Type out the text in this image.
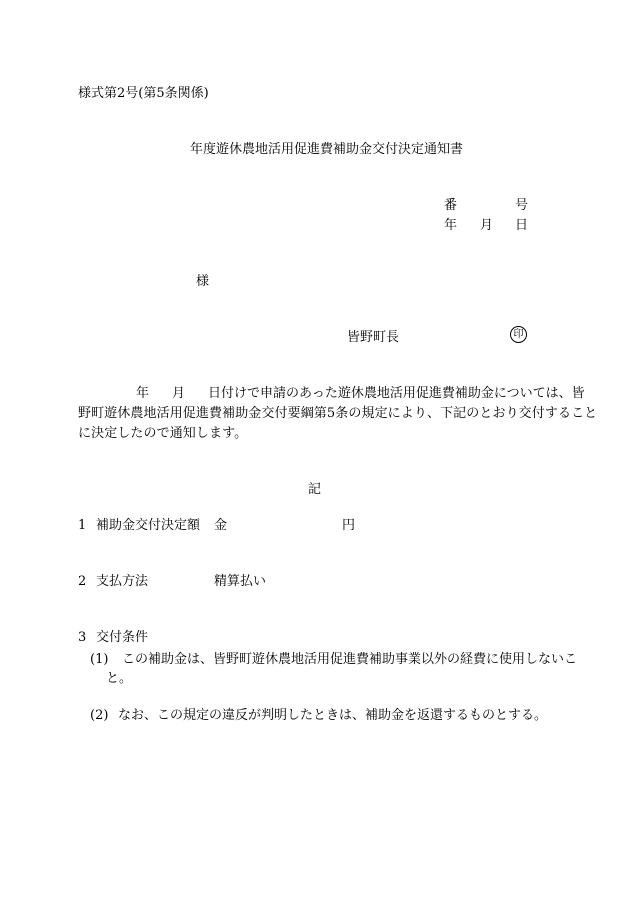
様式第2号(第5条関係)
年度遊休農地活用促進費補助金交付決定通知書
番	号
年 月 日
様
皆野町長	印
年 月 日付けで申請のあった遊休農地活用促進費補助金については、皆
野町遊休農地活用促進費補助金交付要綱第5条の規定により、下記のとおり交付すること
に決定したので通知します。
記
1 補助金交付決定額 金	円
2 支払方法	精算払い
3 交付条件
(1) この補助金は、皆野町遊休農地活用促進費補助事業以外の経費に使用しないこ
と。
(2) なお、この規定の違反が判明したときは、補助金を返還するものとする。
